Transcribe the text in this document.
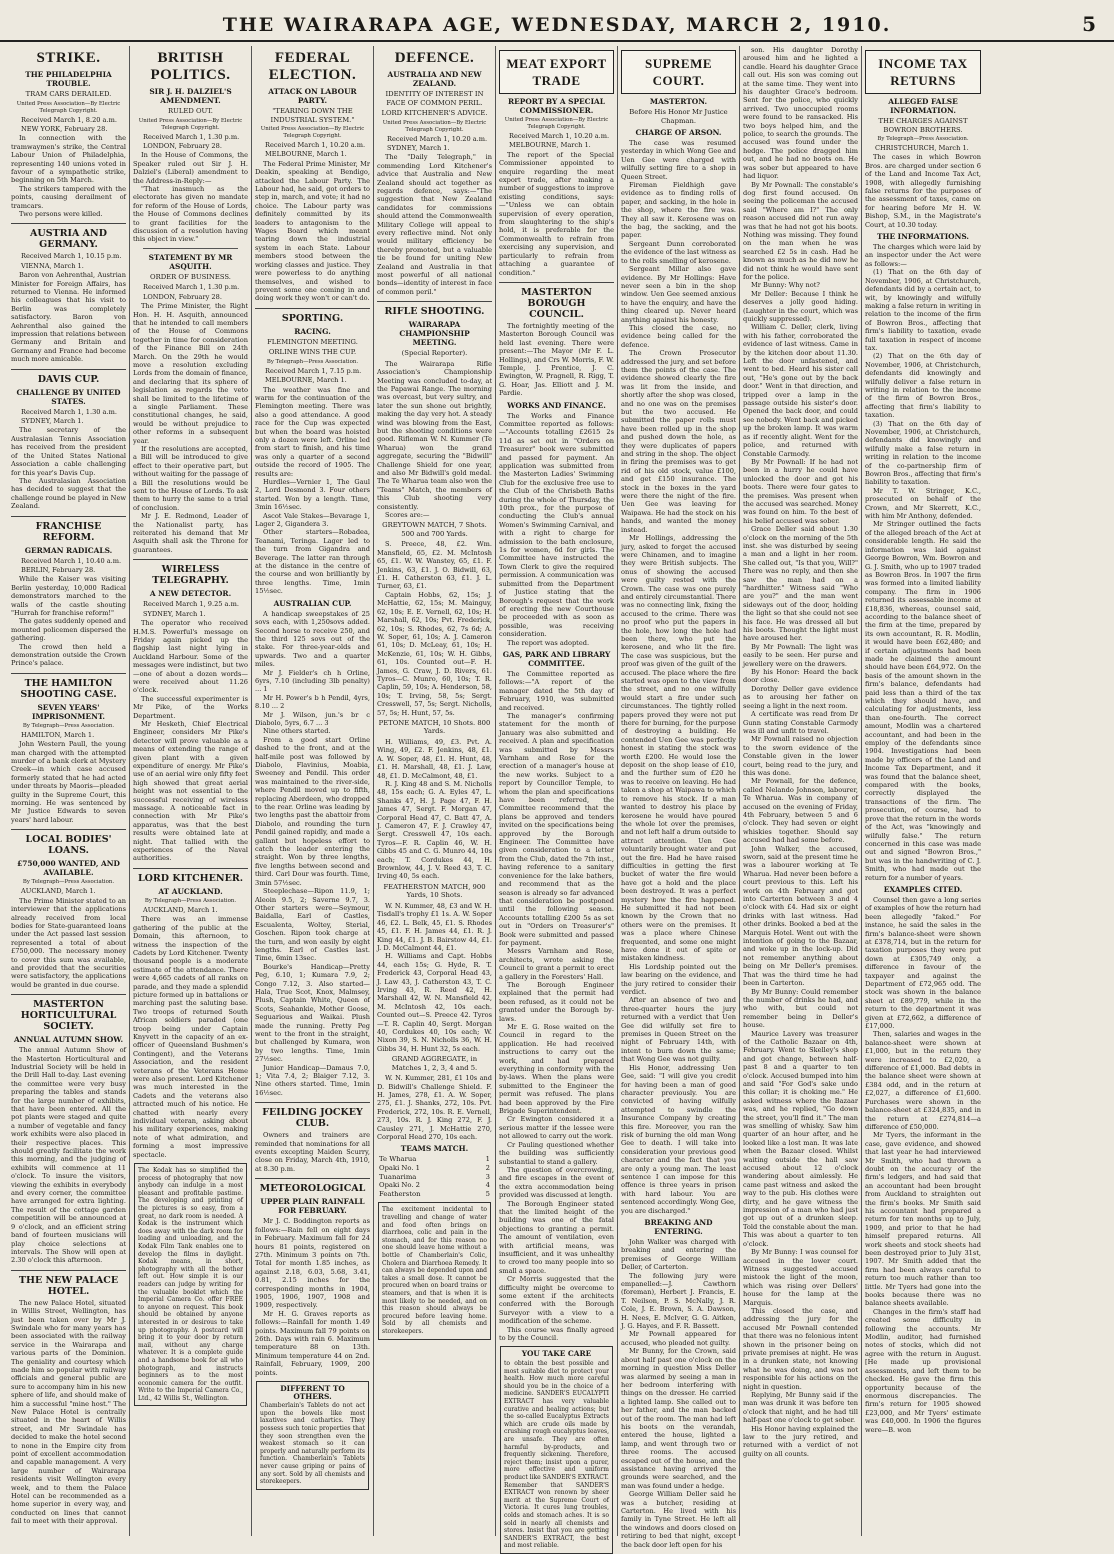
THE WAIRARAPA AGE, WEDNESDAY, MARCH 2, 1910.	5
STRIKE.
THE PHILADELPHIA TROUBLE.
TRAM CARS DERAILED.
United Press Association—By Electric Telegraph Copyright.
Received March 1, 8.20 a.m.
NEW YORK, February 28.

In connection with the tramwaymen's strike, the Central Labour Union of Philadelphia, representing 140 unions voted in favour of a sympathetic strike, beginning on 5th March.

The strikers tampered with the points, causing derailment of tramcars.

Two persons were killed.

AUSTRIA AND GERMANY.
Received March 1, 10.15 p.m.
VIENNA, March 1.

Baron von Aehrenthal, Austrian Minister for Foreign Affairs, has returned to Vienna. He informed his colleagues that his visit to Berlin was completely satisfactory. Baron von Aehrenthal also gained the impression that relations between Germany and Britain and Germany and France had become much more amicable.

DAVIS CUP.
CHALLENGE BY UNITED STATES.
Received March 1, 1.30 a.m.
SYDNEY, March 1.

The secretary of the Australasian Tennis Association has received from the president of the United States National Association a cable challenging for this year's Davis Cup.

The Australasian Association has decided to suggest that the challenge round be played in New Zealand.

FRANCHISE REFORM.
GERMAN RADICALS.
Received March 1, 10.40 a.m.
BERLIN, February 28.

While the Kaiser was visiting Berlin yesterday, 10,000 Radical demonstrators marched to the walls of the castle shouting "Hurrah for franchise reform!"

The gates suddenly opened and mounted policemen dispersed the gathering.

The crowd then held a demonstration outside the Crown Prince's palace.

THE HAMILTON SHOOTING CASE.
SEVEN YEARS' IMPRISONMENT.
By Telegraph—Press Association.
HAMILTON, March 1.

John Western Paull, the young man charged with the attempted murder of a bank clerk at Mystery Creek—in which case accused formerly stated that he had acted under threats by Maoris—pleaded guilty in the Supreme Court, this morning. He was sentenced by Mr Justice Edwards to seven years' hard labour.

LOCAL BODIES' LOANS.
£750,000 WANTED, AND AVAILABLE.
By Telegraph—Press Association.
AUCKLAND, March 1.

The Prime Minister stated to an interviewer that the applications already received from local bodies for State-guaranteed loans under the Act passed last session represented a total of about £750,000. The necessary money to cover this sum was available, and provided that the securities were satisfactory, the applications would be granted in due course.

MASTERTON HORTICULTURAL SOCIETY.
ANNUAL AUTUMN SHOW.

The annual Autumn Show of the Masterton Horticultural and Industrial Society will be held in the Drill Hall to-day. Last evening the committee were very busy preparing the tables and stands for the large number of exhibits, that have been entered. All the pot plants were staged and quite a number of vegetable and fancy work exhibits were also placed in their respective places. This should greatly facilitate the work this morning, and the judging of exhibits will commence at 11 o'clock. To insure the visitors, viewing the exhibits in everybody and every corner, the committee have arranged for extra lighting. The result of the cottage garden competition will be announced at 9 o'clock, and an efficient string band of fourteen musicians will play choice selections at intervals. The Show will open at 2.30 o'clock this afternoon.

THE NEW PALACE HOTEL.

The new Palace Hotel, situated in Willis Street, Wellington, has just been taken over by Mr J. Swindale who for many years has been associated with the railway service in the Wairarapa and various parts of the Dominion. The geniality and courtesy which made him so popular with railway officials and general public are sure to accompany him in his new sphere of life, and should make of him a successful "mine host." The New Palace Hotel is centrally situated in the heart of Willis street, and Mr Swindale has decided to make the hotel second to none in the Empire city from point of excellent accommodation and capable management. A very large number of Wairarapa residents visit Wellington every week, and to them the Palace Hotel can be recommended as a home superior in every way, and conducted on lines that cannot fail to meet with their approval.

BRITISH POLITICS.
SIR J. H. DALZIEL'S AMENDMENT.
RULED OUT.
United Press Association—By Electric Telegraph Copyright.
Received March 1, 1.30 p.m.
LONDON, February 28.

In the House of Commons, the Speaker ruled out Sir J. H. Dalziel's (Liberal) amendment to the Address-in-Reply:—

"That inasmuch as the electorate has given no mandate for reform of the House of Lords, the House of Commons declines to grant facilities for the discussion of a resolution having this object in view."

STATEMENT BY MR ASQUITH.
ORDER OF BUSINESS.
Received March 1, 1.30 p.m.
LONDON, February 28.

The Prime Minister, the Right Hon. H. H. Asquith, announced that he intended to call members of the House of Commons together in time for consideration of the Finance Bill on 24th March. On the 29th he would move a resolution excluding Lords from the domain of finance, and declaring that its sphere of legislation as regards the veto shall be limited to the lifetime of a single Parliament. These constitutional changes, he said, would be without prejudice to other reforms in a subsequent year.

If the resolutions are accepted, a Bill will be introduced to give effect to their operative part, but without waiting for the passage of a Bill the resolutions would be sent to the House of Lords. To ask them to hurry the same to a trial of conclusion.

Mr J. E. Redmond, Leader of the Nationalist party, has reiterated his demand that Mr Asquith shall ask the Throne for guarantees.

WIRELESS TELEGRAPHY.
A NEW DETECTOR.
Received March 1, 9.25 a.m.
SYDNEY, March 1.

The operator who received H.M.S. Powerful's message on Friday again picked up the flagship last night lying in Auckland Harbour. Some of the messages were indistinct, but two—one of about a dozen words—were received about 11.26 o'clock.

The successful experimenter is Mr Pike, of the Works Department.

Mr Hesketh, Chief Electrical Engineer, considers Mr Pike's detector will prove valuable as a means of extending the range of given plant with a given expenditure of energy. Mr Pike's use of an aerial wire only fifty feet high showed that great aerial height was not essential to the successful receiving of wireless massage. A noticeable fact in connection with Mr Pike's apparatus, was that the best results were obtained late at night. That tallied with the experiences of the Naval authorities.

LORD KITCHENER.
AT AUCKLAND.
By Telegraph—Press Association.
AUCKLAND, March 1.

There was an immense gathering of the public at the Domain, this afternoon, to witness the inspection of the Cadets by Lord Kitchener. Twenty thousand people is a moderate estimate of the attendance. There were 4,665 cadets of all ranks on parade, and they made a splendid picture formed up in battalions or marching past the saluting base. Two troops of returned South African soldiers paraded (one troop being under Captain Knyvett in the capacity of an ex-officer of Queensland Bushmen's Contingent), and the Veterans Association, and the resident veterans of the Veterans Home were also present. Lord Kitchener was much interested in the Cadets and the veterans also attracted much of his notice. He chatted with nearly every individual veteran, asking about his military experiences, making note of what admiration, and forming a most impressive spectacle.

The Kodak has so simplified the process of photography that now anybody can indulge in a most pleasant and profitable pastime. The developing and printing of the pictures is so easy, from a great, no dark room is needed. A Kodak is the instrument which does away with the dark room for loading and unloading, and the Kodak Film Tank enables one to develop the films in daylight. Kodak means, in short, photography with all the bother left out. How simple it is our readers can judge by writing for the valuable booklet which the Imperial Camera Co. offer FREE to anyone on request. This book should be obtained by anyone interested in or desirous to take up photography. A postcard will bring it to your door by return mail, without any charge whatever. It is a complete guide and a handsome book for all who photograph, and instructs beginners as to the most economic camera for the outfit. Write to the Imperial Camera Co., Ltd., 42 Willis St., Wellington.
FEDERAL ELECTION.
ATTACK ON LABOUR PARTY.
"TEARING DOWN THE INDUSTRIAL SYSTEM."
United Press Association—By Electric Telegraph Copyright.
Received March 1, 10.20 a.m.
MELBOURNE, March 1.

The Federal Prime Minister, Mr Deakin, speaking at Bendigo, attacked the Labour Party. The Labour had, he said, got orders to step in, march, and vote; it had no choice. The Labour party was definitely committed by its leaders to antagonism to the Wages Board which meant tearing down the industrial system in each State. Labour members stood between the working classes and justice. They were powerless to do anything themselves, and wished to prevent some one coming in and doing work they won't or can't do.

SPORTING.
RACING.
FLEMINGTON MEETING.
ORLINE WINS THE CUP.
By Telegraph—Press Association.
Received March 1, 7.15 p.m.
MELBOURNE, March 1.

The weather was fine and warm for the continuation of the Flemington meeting. There was also a good attendance. A good race for the Cup was expected but when the board was hoisted only a dozen were left. Orline led from start to finish, and his time was only a quarter of a second outside the record of 1905. The results are:

Hurdles—Vernier 1, The Gaul 2, Lord Desmond 3. Four others started. Won by a length. Time, 3min 16½sec.

Ascot Vale Stakes—Bevarage 1, Lager 2, Gigandera 3.

Other starters—Robadea, Teanami, Teringa. Lager led to the turn from Gigandra and Beverage. The latter ran through at the distance in the centre of the course and won brilliantly by three lengths. Time, 1min 15½sec.

AUSTRALIAN CUP.

A handicap sweepstakes of 25 sovs each, with 1,250sovs added. Second horse to receive 250, and the third 125 sovs out of the stake. For three-year-olds and upwards. Two and a quarter miles.

Mr J. Fielder's ch h Orline, 6yrs, 7.10 (including 3lb penalty) ... 1

Mr H. Power's b h Pendil, 4yrs, 8.10 ... 2

Mr J. Wilson, jun.'s br c Diabolo, 5yrs, 6.7 ... 3

Nine others started.

From a good start Orline dashed to the front, and at the half-mile post was followed by Diabolo, Flavinius, Moabia, Sweeney and Pendil. This order was maintained to the river-side, where Pendil moved up to fifth, replacing Aberdeen, who dropped to the rear. Orline was leading by two lengths past the abattoir from Diabolo, and rounding the turn Pendil gained rapidly, and made a gallant but hopeless effort to catch the leader entering the straight. Won by three lengths, five lengths between second and third. Carl Dour was fourth. Time, 3min 57½sec.

Steeplechase—Ripon 11.9, 1; Aleoin 9.5, 2; Saverne 9.7, 3. Other starters were—Seymour, Baidalla, Earl of Castles, Escualenta, Woltey, Sterial, Goschen. Ripon took charge at the turn, and won easily by eight lengths. Earl of Castles last. Time, 6min 13sec.

Bourke's Handicap—Pretty Peg, 6.10, 1; Kumara 7.9, 2; Congo 7.12, 3. Also started—Hala, True Scot, Knox, Malmsey, Plush, Captain White, Queen of Scots, Seahankie, Mother Goose, Seguarious and Waikai. Plush made the running. Pretty Peg went to the front in the straight, but challenged by Kumara, won by two lengths. Time, 1min 27½sec.

Junior Handicap—Damaus 7.0, 1; Vita 7.4, 2; Blaiger 7.12, 3. Nine others started. Time, 1min 16½sec.

FEILDING JOCKEY CLUB.

Owners and trainers are reminded that nominations for all events excepting Maiden Scurry, close on Friday, March 4th, 1910, at 8.30 p.m.

METEOROLOGICAL
UPPER PLAIN RAINFALL FOR FEBRUARY.

Mr J. C. Boddington reports as follows:—Rain fell on eight days in February. Maximum fall for 24 hours 81 points, registered on 27th. Minimum 3 points on 7th. Total for month 1.85 inches, as against 2.18, 6.03, 5.68, 3.41, 0.81, 2.15 inches for the corresponding months in 1904, 1905, 1906, 1907, 1908 and 1909, respectively.

Mr H. G. Graves reports as follows:—Rainfall for month 1.49 points. Maximum fall 79 points on 26th. Days with rain 6. Maximum temperature 88 on 13th. Minimum temperature 44 on 2nd. Rainfall, February, 1909, 200 points.

DIFFERENT TO OTHERS.
Chamberlain's Tablets do not act upon the bowels like most laxatives and cathartics. They possess such tonic properties that they soon strengthen even the weakest stomach so it can properly and naturally perform its function. Chamberlain's Tablets never cause griping or pains of any sort. Sold by all chemists and storekeepers.
DEFENCE.
AUSTRALIA AND NEW ZEALAND.
IDENTITY OF INTEREST IN FACE OF COMMON PERIL.
LORD KITCHENER'S ADVICE.
United Press Association—By Electric Telegraph Copyright.
Received March 1, 10.20 a.m.
SYDNEY, March 1.

The "Daily Telegraph," in commending Lord Kitchener's advice that Australia and New Zealand should act together as regards defence, says:—"The suggestion that New Zealand candidates for commissions should attend the Commonwealth Military College will appeal to every reflective mind. Not only would military efficiency be thereby promoted, but a valuable tie be found for uniting New Zealand and Australia in that most powerful of all national bonds—identity of interest in face of common peril."

RIFLE SHOOTING.
WAIRARAPA CHAMPIONSHIP MEETING.
(Special Reporter).

The Wairarapa Rifle Association's Championship Meeting was concluded to-day, at the Papawai Range. The morning was overcast, but very sultry, and later the sun shone out brightly, making the day very hot. A steady wind was blowing from the East, but the shooting conditions were good. Rifleman W. N. Kummer (Te Wharua) won the grand aggregate, securing the "Bidwill" Challenge Shield for one year, and also Mr Bidwill's gold medal. The Te Wharua team also won the "Teams" Match, the members of this Club shooting very consistently.

Scores are:—

GREYTOWN MATCH, 7 Shots. 500 and 700 Yards.

S. Preece, 48, £2. Wm. Mansfield, 65, £2. M. McIntosh 65, £1. W. W. Wanstey, 65, £1. F. Jenkins, 63, £1. J. O. Bidwill, 63, £1. H. Catherston 63, £1. J. L. Turner, 63, £1.

Captain Hobbs, 62, 15s; J. McHattie, 62, 15s; M. Mainguy, 62, 10s; E. E. Vernell, 62, 10s; H. Marshall, 62, 10s; Pvt. Frederick, 62, 10s; S. Rhodes, 62, 7s 6d; A. W. Soper, 61, 10s; A. J. Cameron 61, 10s; D. McLeay, 61, 10s; H. McKenzie, 61, 10s; W. H. Gibbs, 61, 10s. Counted out—F. H. James, G. Craw, J. D. Rivers, 61. Tyros—C. Munro, 60, 10s; T. R. Caplin, 59, 10s; A. Henderson, 58, 10s; T. Irving, 58, 5s; Sergt. Cresswell, 57, 5s; Sergt. Nicholls, 57, 5s; H. Hunt, 57, 5s.

PETONE MATCH, 10 Shots. 800 Yards.

H. Williams, 49, £3. Pvt. A. Wing, 49, £2. F. Jenkins, 48, £1. A. W. Soper, 48, £1. H. Hunt, 48, £1. H. Marshall, 48, £1. J. Law, 48, £1. D. McCalmont, 48, £1.

R. J. King 48 and S. M. Nicholls 48, 15s each; G. A. Eyles 47, L. Shanks 47, H. J. Page 47, F. H. James 47, Sergt. F. Morgan 47, Corporal Head 47, C. Batt 47, A. J. Cameron 47, F. J. Crawley 47, Sergt. Cresswell 47, 10s each. Tyros—F. R. Caplin 46, W. H. Gibbs 45 and C. G. Munro 44, 10s each; T. Cordukes 44, H. Brownlow, 44, J. V. Reed 43, T. C. Irving 40, 5s each.

FEATHERSTON MATCH, 900 Yards, 10 Shots.

W. N. Kummer, 48, £3 and W. H. Tisdall's trophy £1 1s. A. W. Soper 46, £2. L. Belk, 45, £1. S. Rhodes 45, £1. F. H. James 44, £1. R. J. King 44, £1. J. B. Bairstow 44, £1. J. D. McCalmont 44, £1.

H. Williams and Capt. Hobbs 44, each 15s; G. Hyde, R. T. Frederick 43, Corporal Head 43, J. Law 43, J. Catherston 43, T. C. Irving 43, R. Reed 42, H. Marshall 42, W. N. Mansfield 42, M. McIntosh 42, 10s each. Counted out—S. Preece 42. Tyros—T. R. Caplin 40, Sergt. Morgan 40, Cordukes 40, 10s each; W. Nixon 39, S. N. Nicholls 36, W. H. Gibbs 34, H. Hunt 32, 5s each.

GRAND AGGREGATE, in Matches 1, 2, 3, 4 and 5.

W. N. Kummer, 281, £1 10s and D. Bidwill's Challenge Shield. F. H. James, 278, £1. A. W. Soper, 275, £1. J. Shanks, 272, 10s. Pvt. Frederick, 272, 10s. R. E. Vernell, 273, 10s. R. J. King 272, F. J. Causley 271, J. McHattie 270, Corporal Head 270, 10s each.

TEAMS MATCH.
Te Wharua	1
Opaki No. 1	2
Tuanarima	3
Opaki No. 2	4
Featherston	5
The excitement incidental to travelling and change of water and food often brings on diarrhoea, colic and pain in the stomach, and for this reason no one should leave home without a bottle of Chamberlain's Colic, Cholera and Diarrhoea Remedy. It can always be depended upon and takes a small dose. It cannot be procured when on board trains or steamers, and that is when it is most likely to be needed, and on this reason should always be procured before leaving home. Sold by all chemists and storekeepers.
MEAT EXPORT TRADE
REPORT BY A SPECIAL COMMISSIONER.
United Press Association—By Electric Telegraph Copyright.
Received March 1, 10.20 a.m.
MELBOURNE, March 1.

The report of the Special Commissioner appointed to enquire regarding the meat export trade, after making a number of suggestions to improve existing conditions, says:—"Unless we can obtain supervision of every operation, from slaughtering to the ship's hold, it is preferable for the Commonwealth to refrain from exercising any supervision, and particularly to refrain from attaching a guarantee of condition."

MASTERTON BOROUGH COUNCIL.

The fortnightly meeting of the Masterton Borough Council was held last evening. There were present:—The Mayor (Mr F. L. Hollings), and Crs W. Morris, F. W. Temple, J. Prentice, J. C. Ewington, W. Pragnell, R. Rigg, T. G. Hoar, Jas. Elliott and J. M. Pardie.

WORKS AND FINANCE.

The Works and Finance Committee reported as follows:—"Accounts totalling £2615 2s 11d as set out in "Orders on Treasurer" book were submitted and passed for payment. An application was submitted from the Masterton Ladies' Swimming Club for the exclusive free use to the Club of the Chrisbeth Baths during the whole of Thursday, the 10th prox., for the purpose of conducting the Club's annual Women's Swimming Carnival, and with a right to charge for admission to the bath enclosure, 1s for women, 6d for girls. The Committee have instructed the Town Clerk to give the required permission. A communication was submitted from the Department of Justice stating that the Borough's request that the work of erecting the new Courthouse be proceeded with as soon as possible, was receiving consideration.

The report was adopted.

GAS, PARK AND LIBRARY COMMITTEE.

The Committee reported as follows:—"A report of the manager dated the 5th day of February, 1910, was submitted and received.

The manager's confirming statement for the month of January was also submitted and received. A plan and specification was submitted by Messrs Varnham and Rose for the erection of a manager's house at the new works. Subject to a report by Councillor Temple, to whom the plan and specifications have been referred, the Committee recommend that the plans be approved and tenders invited on the specifications being approved by the Borough Engineer. The Committee have given consideration to a letter from the Club, dated the 7th inst., having reference to a sanitary convenience for the lake bathers, and recommend that as the season is already so far advanced that consideration be postponed until the following season. Accounts totalling £200 5s as set out in "Orders on Treasurer's" Book were submitted and passed for payment.

Messrs Varnham and Rose, architects, wrote asking the Council to grant a permit to erect a gallery in the Foresters' Hall.

The Borough Engineer explained that the permit had been refused, as it could not be granted under the Borough by-laws.

Mr E. G. Rose waited on the Council in regard to the application. He had received instructions to carry out the work, and had prepared everything in conformity with the by-laws. When the plans were submitted to the Engineer the permit was refused. The plans had been approved by the Fire Brigade Superintendent.

Cr Ewington considered it a serious matter if the lessee were not allowed to carry out the work.

Cr Pauling questioned whether the building was sufficiently substantial to stand a gallery.

The question of overcrowding, and fire escapes in the event of the extra accommodation being provided was discussed at length.

The Borough Engineer stated that the limited height of the building was one of the fatal objections to granting a permit. The amount of ventilation, even with artificial means, was insufficient, and it was unhealthy to crowd too many people into so small a space.

Cr Morris suggested that the difficulty might be overcome to some extent if the architects conferred with the Borough Surveyor with a view to a modification of the scheme.

This course was finally agreed to by the Council.

YOU TAKE CARE
to obtain the best possible and most suitable diet to protect your health. How much more careful should you be in the choice of a medicine. SANDER'S EUCALYPTI EXTRACT has very valuable curative and healing actions; but the so-called Eucalyptus Extracts which are crude oils made by crushing rough eucalyptus leaves, are unsafe. They are often harmful by-products, and frequently sickening. Therefore, reject them; insist upon a purer, more effective and uniform product like SANDER'S EXTRACT.
Remember that SANDER'S EXTRACT won renown by sheer merit at the Supreme Court of Victoria. It cures lung troubles, colds and stomach aches. It is so sold in nearly all chemists and stores. Insist that you are getting SANDER'S EXTRACT, the best and most reliable.
SUPREME COURT.
MASTERTON.
Before His Honor Mr Justice Chapman.
CHARGE OF ARSON.

The case was resumed yesterday in which Wong Gee and Uen Gee were charged with wilfully setting fire to a shop in Queen Street.

Fireman Fieldhigh gave evidence as to finding rolls of paper, and sacking, in the hole in the shop, where the fire was. They all saw it. Kerosene was on the bag, the sacking, and the paper.

Sergeant Dunn corroborated the evidence of the last witness as to the rolls smelling of kerosene.

Sergeant Millar also gave evidence. By Mr Hollings: Have never seen a bin in the shop window. Uen Gee seemed anxious to have the enquiry, and have the thing cleared up. Never heard anything against his honesty.

This closed the case, no evidence being called for the defence.

The Crown Prosecutor addressed the jury, and set before them the points of the case. The evidence showed clearly the fire was lit from the inside, and shortly after the shop was closed, and no one was on the premises but the two accused. He submitted the paper rolls must have been rolled up in the shop and pushed down the hole, as they were duplicates of papers and string in the shop. The object in firing the premises was to get rid of his old stock, value £100, and get £150 insurance. The stock in the boxes in the yard were there the night of the fire. Uen Gee was leaving for Waipawa. He had the stock on his hands, and wanted the money instead.

Mr Hollings, addressing the jury, asked to forget the accused were Chinamen, and to imagine they were British subjects. The onus of showing the accused were guilty rested with the Crown. The case was one purely and entirely circumstantial. There was no connecting link, fixing the accused to the crime. There was no proof who put the papers in the hole, how long the hole had been there, who put the kerosene, and who lit the fire. The case was suspicious, but the proof was given of the guilt of the accused. The place where the fire started was open to the view from the street, and no one wilfully would start a fire under such circumstances. The tightly rolled papers proved they were not put there for burning, for the purpose of destroying a building. He contended Uen Gee was perfectly honest in stating the stock was worth £200. He would lose the deposit on the shop lease of £10, and the further sum of £20 he was to receive on leaving. He had taken a shop at Waipawa to which to remove his stock. If a man wanted to destroy his place by kerosene he would have poured the whole lot over the premises, and not left half a drum outside to attract attention. Uen Gee voluntarily brought water and put out the fire. Had he have raised difficulties in getting the first bucket of water the fire would have got a hold and the place been destroyed. It was a perfect mystery how the fire happened. He submitted it had not been known by the Crown that no others were on the premises. It was a place where Chinese frequented, and some one might have done it out of spite or mistaken kindness.

His Lordship pointed out the law bearing on the evidence, and the jury retired to consider their verdict.

After an absence of two and three-quarter hours the jury returned with a verdict that Uen Gee did wilfully set fire to premises in Queen Street on the night of February 14th, with intent to burn down the same; that Wong Gee was not guilty.

His Honor, addressing Uen Gee, said: "I will give you credit for having been a man of good character previously. You are convicted of having wilfully attempted to swindle the Insurance Company by creating this fire. Moreover, you ran the risk of burning the old man Wong Gee to death. I will take into consideration your previous good character and the fact that you are only a young man. The least sentence I can impose for this offence is three years in prison with hard labour. You are sentenced accordingly. Wong Gee, you are discharged."

BREAKING AND ENTERING.

John Walker was charged with breaking and entering the premises of George William Deller, of Carterton.

The following jury were empanelled:—J. Cawthorn (foreman), Herbert J. Francis, E. T. Neilson, P. S. McNally, J. R. Cole, J. E. Brown, S. A. Dawson, H. Nees, E. McIver, G. G. Aitken, J. G. Hayes, and F. R. Bassett.

Mr Pownall appeared for accused, who pleaded not guilty.

Mr Bunny, for the Crown, said about half past one o'clock on the morning in question Miss Deller was alarmed by seeing a man in her bedroom interfering with things on the dresser. He carried a lighted lamp. She called out to her father, and the man backed out of the room. The man had left his boots on the verandah, entered the house, lighted a lamp, and went through two or three rooms. The accused escaped out of the house, and the assistance having arrived the grounds were searched, and the man was found under a hedge.

George William Deller said he was a butcher, residing at Carterton. He lived with his family in Tyne Street. He left all the windows and doors closed on retiring to bed that night, except the back door left open for his

son. His daughter Dorothy aroused him and he lighted a candle. Heard his daughter Grace call out. His son was coming out at the same time. They went into his daughter Grace's bedroom. Sent for the police, who quickly arrived. Two unoccupied rooms were found to be ransacked. His two boys helped him, and the police, to search the grounds. The accused was found under the hedge. The police dragged him out, and he had no boots on. He was sober but appeared to have had liquor.

By Mr Pownall: The constable's dog first found accused. On seeing the policeman the accused said "Where am I?" The only reason accused did not run away was that he had not got his boots. Nothing was missing. They found on the man when he was searched £2 5s in cash. Had he known as much as he did now he did not think he would have sent for the police.

Mr Bunny: Why not?

Mr Deller: Because I think he deserves a jolly good hiding. (Laughter in the court, which was quickly suppressed).

William C. Deller, clerk, living with his father, corroborated the evidence of last witness. Came in by the kitchen door about 11.30. Left the door unfastened, and went to bed. Heard his sister call out, "He's gone out by the back door." Went in that direction, and tripped over a lamp in the passage outside his sister's door. Opened the back door, and could see nobody. Went back and picked up the broken lamp. It was warm as if recently alight. Went for the police, and returned with Constable Carmody.

By Mr Pownall: If he had not been in a hurry he could have unlocked the door and got his boots. There were four gates to the premises. Was present when the accused was searched. Money was found on him. To the best of his belief accused was sober.

Grace Deller said about 1.30 o'clock on the morning of the 5th inst. she was disturbed by seeing a man and a light in her room. She called out, "Is that you, Will?" There was no reply, and then she saw the man had on a "hardhitter." Witness said "Who are you?" and the man went sideways out of the door, holding the light so that she could not see his face. He was dressed all but his boots. Thought the light must have aroused her.

By Mr Pownall: The light was easily to be seen. Her purse and jewellery were on the drawers.

By his Honor: Heard the back door close.

Dorothy Deller gave evidence as to arousing her father on seeing a light in the next room.

A certificate was read from Dr Gunn stating Constable Carmody was ill and unfit to travel.

Mr Pownall raised no objection to the sworn evidence of the Constable given in the lower court, being read to the jury, and this was done.

Mr Pownall, for the defence, called Nelando Johnson, labourer, Te Wharua. Was in company of accused on the evening of Friday, 4th February, between 5 and 6 o'clock. They had seven or eight whiskies together. Should say accused had had some before.

John Walker, the accused, sworn, said at the present time he was a labourer working at Te Wharua. Had never been before a court previous to this. Left his work on 4th February and got into Carterton between 3 and 4 o'clock with £4. Had six or eight drinks with last witness. Had other drinks. Booked a bed at the Marquis Hotel. Went out with the intention of going to the Bazaar, and woke up in the lock-up. Did not remember anything about being on Mr Deller's premises. That was the third time he had been in Carterton.

By Mr Bunny: Could remember the number of drinks he had, and who with, but could not remember being in Deller's house.

Maurice Lavery was treasurer of the Catholic Bazaar on 4th, February. Went to Skelley's shop and got change, between half-past 8 and a quarter to ten o'clock. Accused bumped into him and said "For God's sake undo this collar; it is choking me." He asked witness where the Bazaar was, and he replied, "Go down the street, you'll find it." The man was smelling of whisky. Saw him quarter of an hour after, and he looked like a lost man. It was late when the Bazaar closed. Whilst waiting outside the hall saw accused about 12 o'clock wandering about aimlessly. He came past witness and asked the way to the pub. His clothes were dirty, and he gave witness the impression of a man who had just got up out of a drunken sleep. Told the constable about the man. This was about a quarter to ten o'clock.

By Mr Bunny: I was counsel for accused in the lower court. Witness suggested accused mistook the light of the moon, which was rising over Dellers' house for the lamp at the Marquis.

This closed the case, and addressing the jury for the accused Mr Pownall contended that there was no felonious intent shown in the prisoner being on private premises at night. He was in a drunken state, not knowing what he was doing, and was not responsible for his actions on the night in question.

Replying, Mr Bunny said if the man was drunk it was before ten o'clock that night, and he had till half-past one o'clock to get sober.

His Honor having explained the law to the jury retired, and returned with a verdict of not guilty on all counts.

INCOME TAX RETURNS
ALLEGED FALSE INFORMATION.
THE CHARGES AGAINST BOWRON BROTHERS.
By Telegraph—Press Association.
CHRISTCHURCH, March 1.

The cases in which Bowron Bros. are charged under section 6 of the Land and Income Tax Act, 1908, with allegedly furnishing false returns for the purposes of the assessment of taxes, came on for hearing before Mr H. W. Bishop, S.M., in the Magistrate's Court, at 10.30 today.

THE INFORMATIONS.

The charges which were laid by an inspector under the Act were as follows:—

(1) That on the 6th day of November, 1906, at Christchurch, defendants did by a certain act, to wit, by knowingly and wilfully making a false return in writing in relation to the income of the firm of Bowron Bros., affecting that firm's liability to taxation, evade full taxation in respect of income tax.

(2) That on the 6th day of November, 1906, at Christchurch, defendants did knowingly and wilfully deliver a false return in writing in relation to the income of the firm of Bowron Bros., affecting that firm's liability to taxation.

(3) That on the 6th day of November, 1906, at Christchurch, defendants did knowingly and wilfully make a false return in writing in relation to the income of the co-partnership firm of Bowron Bros., affecting that firm's liability to taxation.

Mr T. W. Stringer, K.C., prosecuted on behalf of the Crown, and Mr Skerrett, K.C., with him Mr Anthony, defended.

Mr Stringer outlined the facts of the alleged breach of the Act at considerable length. He said the information was laid against George Bowron, Wm. Bowron and G. J. Smith, who up to 1907 traded as Bowron Bros. In 1907 the firm was formed into a limited liability company. The firm in 1906 returned its assessable income at £18,836, whereas, counsel said, according to the balance sheet of the firm at the time, prepared by its own accountant, R. R. Modlin, it would have been £62,480; and if certain adjustments had been made he claimed the amount should have been £64,972. On the basis of the amount shown in the firm's balance, defendants had paid less than a third of the tax which they should have, and calculating for adjustments, less than one-fourth. The correct amount, Modlin was a chartered accountant, and had been in the employ of the defendants since 1904. Investigations had been made by officers of the Land and Income Tax Department, and it was found that the balance sheet, compared with the books, correctly displayed the transactions of the firm. The prosecution, of course, had to prove that the return in the words of the Act, was "knowingly and wilfully false." The return concerned in this case was made out and signed "Bowron Bros.," but was in the handwriting of C. J. Smith, who had made out the return for a number of years.

EXAMPLES CITED.

Counsel then gave a long series of examples of how the return had been allegedly "faked." For instance, he said the sales in the firm's balance-sheet were shown at £378,714, but in the return for taxation purposes they were put down at £305,749 only, a difference in favour of the taxpayer and against the Department of £72,965 odd. The stock was shown in the balance sheet at £89,779, while in the return to the department it was given at £72,662, a difference of £17,000.

Then, salaries and wages in the balance-sheet were shown at £1,000, but in the return they were increased to £2,020, a difference of £1,000. Bad debts in the balance sheet were shown at £384 odd, and in the return at £2,027, a difference of £1,600. Purchases were shown in the balance-sheet at £324,835, and in the return at £274,814—a difference of £50,000.

Mr Tyers, the informant in the case, gave evidence, and showed that last year he had interviewed Mr Smith, who had thrown a doubt on the accuracy of the firm's ledgers, and had said that an accountant had been brought from Auckland to straighten out the firm's books. Mr Smith said his accountant had prepared a return for ten months up to July, 1909, and prior to that he had himself prepared returns. All work sheets and stock sheets had been destroyed prior to July 31st, 1907. Mr Smith added that the firm had been always careful to return too much rather than too little. Mr Tyers had gone into the books because there was no balance sheets available.

Changes in the firm's staff had created some difficulty in following the accounts. Mr Modlin, auditor, had furnished notes of stocks, which did not agree with the return in August. [He made up provisional assessments, and left them to be checked. He gave the firm this opportunity because of the enormous discrepancies. The firm's return for 1905 showed £23,000, and Mr Tyers' estimate was £40,000. In 1906 the figures were—B. won
